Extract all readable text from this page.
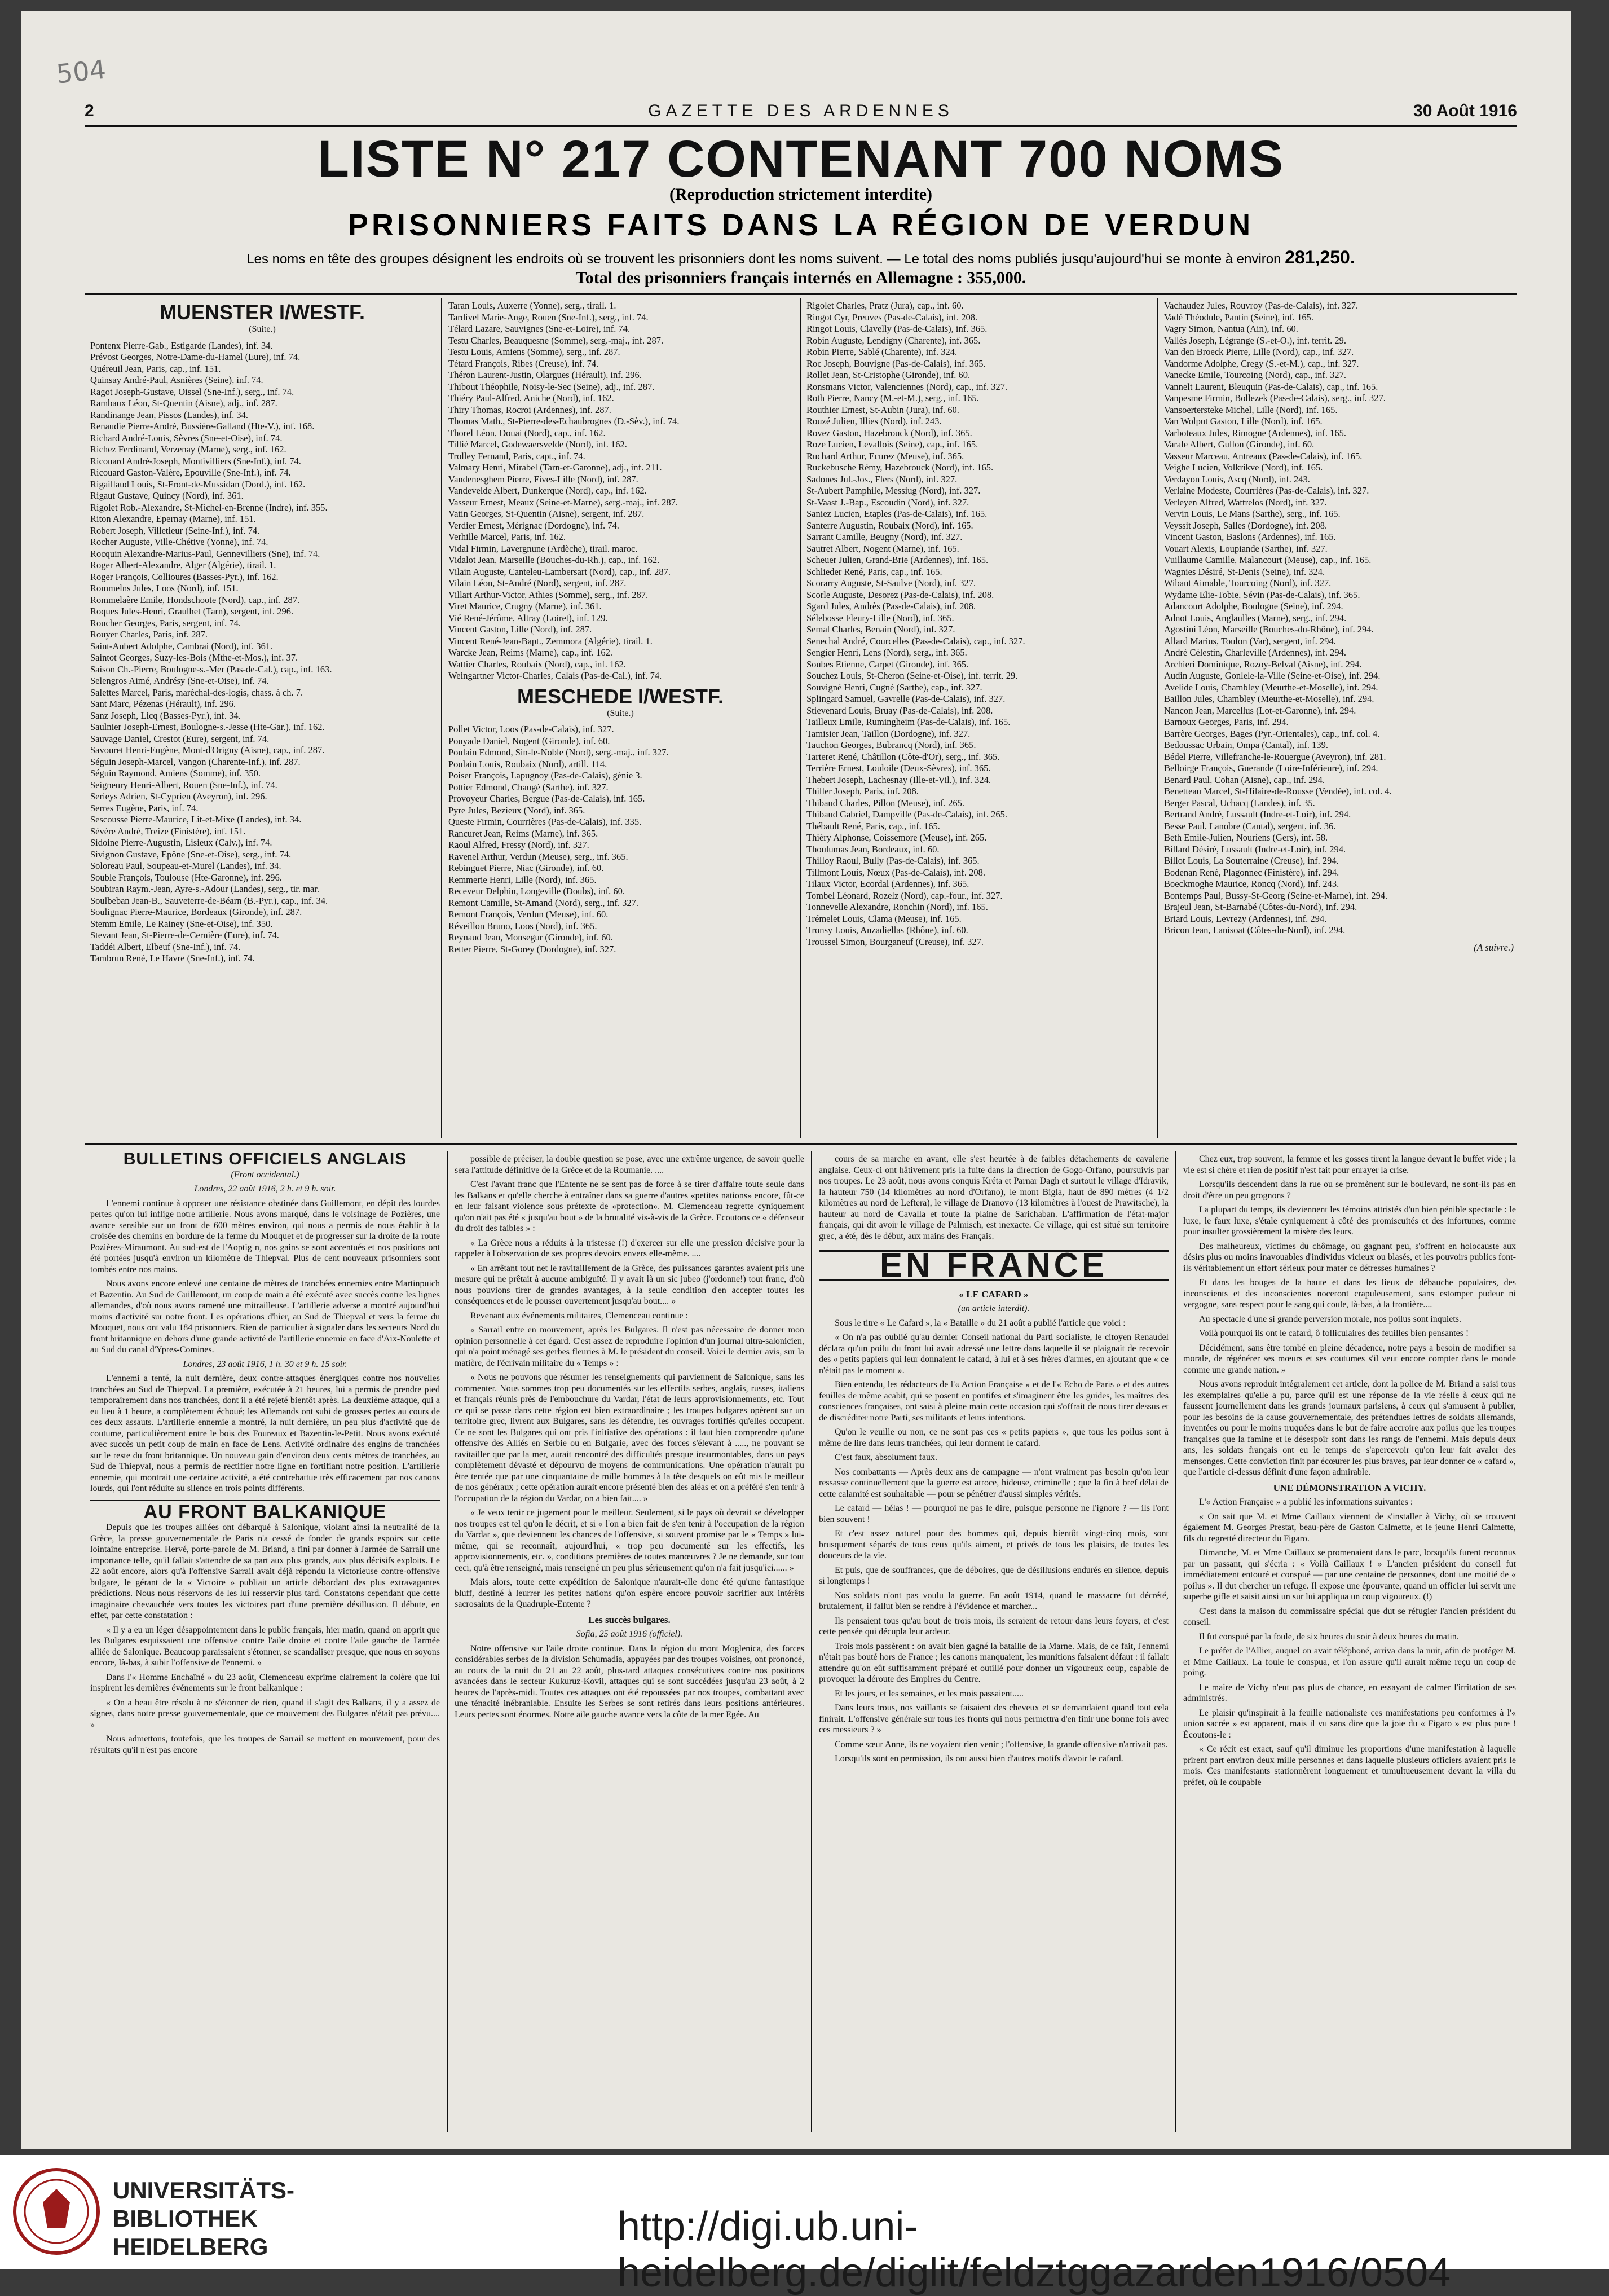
504
2	GAZETTE DES ARDENNES	30 Août 1916
LISTE N° 217 CONTENANT 700 NOMS
(Reproduction strictement interdite)
PRISONNIERS FAITS DANS LA RÉGION DE VERDUN
Les noms en tête des groupes désignent les endroits où se trouvent les prisonniers dont les noms suivent. — Le total des noms publiés jusqu'aujourd'hui se monte à environ 281,250.
Total des prisonniers français internés en Allemagne : 355,000.
MUENSTER I/WESTF.
(Suite.)
Pontenx Pierre-Gab., Estigarde (Landes), inf. 34.
Prévost Georges, Notre-Dame-du-Hamel (Eure), inf. 74.
Quéreuil Jean, Paris, cap., inf. 151.
Quinsay André-Paul, Asnières (Seine), inf. 74.
Ragot Joseph-Gustave, Oissel (Sne-Inf.), serg., inf. 74.
Rambaux Léon, St-Quentin (Aisne), adj., inf. 287.
Randinange Jean, Pissos (Landes), inf. 34.
Renaudie Pierre-André, Bussière-Galland (Hte-V.), inf. 168.
Richard André-Louis, Sèvres (Sne-et-Oise), inf. 74.
Richez Ferdinand, Verzenay (Marne), serg., inf. 162.
Ricouard André-Joseph, Montivilliers (Sne-Inf.), inf. 74.
Ricouard Gaston-Valère, Epouville (Sne-Inf.), inf. 74.
Rigaillaud Louis, St-Front-de-Mussidan (Dord.), inf. 162.
Rigaut Gustave, Quincy (Nord), inf. 361.
Rigolet Rob.-Alexandre, St-Michel-en-Brenne (Indre), inf. 355.
Riton Alexandre, Epernay (Marne), inf. 151.
Robert Joseph, Villetieur (Seine-Inf.), inf. 74.
Rocher Auguste, Ville-Chétive (Yonne), inf. 74.
Rocquin Alexandre-Marius-Paul, Gennevilliers (Sne), inf. 74.
Roger Albert-Alexandre, Alger (Algérie), tirail. 1.
Roger François, Collioures (Basses-Pyr.), inf. 162.
Rommelns Jules, Loos (Nord), inf. 151.
Rommelaère Emile, Hondschoote (Nord), cap., inf. 287.
Roques Jules-Henri, Graulhet (Tarn), sergent, inf. 296.
Roucher Georges, Paris, sergent, inf. 74.
Rouyer Charles, Paris, inf. 287.
Saint-Aubert Adolphe, Cambrai (Nord), inf. 361.
Saintot Georges, Suzy-les-Bois (Mthe-et-Mos.), inf. 37.
Saison Ch.-Pierre, Boulogne-s.-Mer (Pas-de-Cal.), cap., inf. 163.
Selengros Aimé, Andrésy (Sne-et-Oise), inf. 74.
Salettes Marcel, Paris, maréchal-des-logis, chass. à ch. 7.
Sant Marc, Pézenas (Hérault), inf. 296.
Sanz Joseph, Licq (Basses-Pyr.), inf. 34.
Saulnier Joseph-Ernest, Boulogne-s.-Jesse (Hte-Gar.), inf. 162.
Sauvage Daniel, Crestot (Eure), sergent, inf. 74.
Savouret Henri-Eugène, Mont-d'Origny (Aisne), cap., inf. 287.
Séguin Joseph-Marcel, Vangon (Charente-Inf.), inf. 287.
Séguin Raymond, Amiens (Somme), inf. 350.
Seigneury Henri-Albert, Rouen (Sne-Inf.), inf. 74.
Serieys Adrien, St-Cyprien (Aveyron), inf. 296.
Serres Eugène, Paris, inf. 74.
Sescousse Pierre-Maurice, Lit-et-Mixe (Landes), inf. 34.
Sévère André, Treize (Finistère), inf. 151.
Sidoine Pierre-Augustin, Lisieux (Calv.), inf. 74.
Sivignon Gustave, Epône (Sne-et-Oise), serg., inf. 74.
Soloreau Paul, Soupeau-et-Murel (Landes), inf. 34.
Souble François, Toulouse (Hte-Garonne), inf. 296.
Soubiran Raym.-Jean, Ayre-s.-Adour (Landes), serg., tir. mar.
Soulbeban Jean-B., Sauveterre-de-Béarn (B.-Pyr.), cap., inf. 34.
Soulignac Pierre-Maurice, Bordeaux (Gironde), inf. 287.
Stemm Emile, Le Rainey (Sne-et-Oise), inf. 350.
Stevant Jean, St-Pierre-de-Cernière (Eure), inf. 74.
Taddéi Albert, Elbeuf (Sne-Inf.), inf. 74.
Tambrun René, Le Havre (Sne-Inf.), inf. 74.
Taran Louis, Auxerre (Yonne), serg., tirail. 1.
Tardivel Marie-Ange, Rouen (Sne-Inf.), serg., inf. 74.
Télard Lazare, Sauvignes (Sne-et-Loire), inf. 74.
Testu Charles, Beauquesne (Somme), serg.-maj., inf. 287.
Testu Louis, Amiens (Somme), serg., inf. 287.
Tétard François, Ribes (Creuse), inf. 74.
Théron Laurent-Justin, Olargues (Hérault), inf. 296.
Thibout Théophile, Noisy-le-Sec (Seine), adj., inf. 287.
Thiéry Paul-Alfred, Aniche (Nord), inf. 162.
Thiry Thomas, Rocroi (Ardennes), inf. 287.
Thomas Math., St-Pierre-des-Echaubrognes (D.-Sèv.), inf. 74.
Thorel Léon, Douai (Nord), cap., inf. 162.
Tillié Marcel, Godewaersvelde (Nord), inf. 162.
Trolley Fernand, Paris, capt., inf. 74.
Valmary Henri, Mirabel (Tarn-et-Garonne), adj., inf. 211.
Vandenesghem Pierre, Fives-Lille (Nord), inf. 287.
Vandevelde Albert, Dunkerque (Nord), cap., inf. 162.
Vasseur Ernest, Meaux (Seine-et-Marne), serg.-maj., inf. 287.
Vatin Georges, St-Quentin (Aisne), sergent, inf. 287.
Verdier Ernest, Mérignac (Dordogne), inf. 74.
Verhille Marcel, Paris, inf. 162.
Vidal Firmin, Lavergnune (Ardèche), tirail. maroc.
Vidalot Jean, Marseille (Bouches-du-Rh.), cap., inf. 162.
Vilain Auguste, Canteleu-Lambersart (Nord), cap., inf. 287.
Vilain Léon, St-André (Nord), sergent, inf. 287.
Villart Arthur-Victor, Athies (Somme), serg., inf. 287.
Viret Maurice, Crugny (Marne), inf. 361.
Vié René-Jérôme, Altray (Loiret), inf. 129.
Vincent Gaston, Lille (Nord), inf. 287.
Vincent René-Jean-Bapt., Zemmora (Algérie), tirail. 1.
Warcke Jean, Reims (Marne), cap., inf. 162.
Wattier Charles, Roubaix (Nord), cap., inf. 162.
Weingartner Victor-Charles, Calais (Pas-de-Cal.), inf. 74.
MESCHEDE I/WESTF.
(Suite.)
Pollet Victor, Loos (Pas-de-Calais), inf. 327.
Pouyade Daniel, Nogent (Gironde), inf. 60.
Poulain Edmond, Sin-le-Noble (Nord), serg.-maj., inf. 327.
Poulain Louis, Roubaix (Nord), artill. 114.
Poiser François, Lapugnoy (Pas-de-Calais), génie 3.
Pottier Edmond, Chaugé (Sarthe), inf. 327.
Provoyeur Charles, Bergue (Pas-de-Calais), inf. 165.
Pyre Jules, Bezieux (Nord), inf. 365.
Queste Firmin, Courrières (Pas-de-Calais), inf. 335.
Rancuret Jean, Reims (Marne), inf. 365.
Raoul Alfred, Fressy (Nord), inf. 327.
Ravenel Arthur, Verdun (Meuse), serg., inf. 365.
Rebinguet Pierre, Niac (Gironde), inf. 60.
Remmerie Henri, Lille (Nord), inf. 365.
Receveur Delphin, Longeville (Doubs), inf. 60.
Remont Camille, St-Amand (Nord), serg., inf. 327.
Remont François, Verdun (Meuse), inf. 60.
Réveillon Bruno, Loos (Nord), inf. 365.
Reynaud Jean, Monsegur (Gironde), inf. 60.
Retter Pierre, St-Gorey (Dordogne), inf. 327.
Rigolet Charles, Pratz (Jura), cap., inf. 60.
Ringot Cyr, Preuves (Pas-de-Calais), inf. 208.
Ringot Louis, Clavelly (Pas-de-Calais), inf. 365.
Robin Auguste, Lendigny (Charente), inf. 365.
Robin Pierre, Sablé (Charente), inf. 324.
Roc Joseph, Bouvigne (Pas-de-Calais), inf. 365.
Rollet Jean, St-Cristophe (Gironde), inf. 60.
Ronsmans Victor, Valenciennes (Nord), cap., inf. 327.
Roth Pierre, Nancy (M.-et-M.), serg., inf. 165.
Routhier Ernest, St-Aubin (Jura), inf. 60.
Rouzé Julien, Illies (Nord), inf. 243.
Rovez Gaston, Hazebrouck (Nord), inf. 365.
Roze Lucien, Levallois (Seine), cap., inf. 165.
Ruchard Arthur, Ecurez (Meuse), inf. 365.
Ruckebusche Rémy, Hazebrouck (Nord), inf. 165.
Sadones Jul.-Jos., Flers (Nord), inf. 327.
St-Aubert Pamphile, Messiug (Nord), inf. 327.
St-Vaast J.-Bap., Escoudin (Nord), inf. 327.
Saniez Lucien, Etaples (Pas-de-Calais), inf. 165.
Santerre Augustin, Roubaix (Nord), inf. 165.
Sarrant Camille, Beugny (Nord), inf. 327.
Sautret Albert, Nogent (Marne), inf. 165.
Scheuer Julien, Grand-Brie (Ardennes), inf. 165.
Schlieder René, Paris, cap., inf. 165.
Scorarry Auguste, St-Saulve (Nord), inf. 327.
Scorle Auguste, Desorez (Pas-de-Calais), inf. 208.
Sgard Jules, Andrès (Pas-de-Calais), inf. 208.
Sélebosse Fleury-Lille (Nord), inf. 365.
Semal Charles, Benain (Nord), inf. 327.
Senechal André, Courcelles (Pas-de-Calais), cap., inf. 327.
Sengier Henri, Lens (Nord), serg., inf. 365.
Soubes Etienne, Carpet (Gironde), inf. 365.
Souchez Louis, St-Cheron (Seine-et-Oise), inf. territ. 29.
Souvigné Henri, Cugné (Sarthe), cap., inf. 327.
Splingard Samuel, Gavrelle (Pas-de-Calais), inf. 327.
Stievenard Louis, Bruay (Pas-de-Calais), inf. 208.
Tailleux Emile, Rumingheim (Pas-de-Calais), inf. 165.
Tamisier Jean, Taillon (Dordogne), inf. 327.
Tauchon Georges, Bubrancq (Nord), inf. 365.
Tarteret René, Châtillon (Côte-d'Or), serg., inf. 365.
Terrière Ernest, Louloile (Deux-Sèvres), inf. 365.
Thebert Joseph, Lachesnay (Ille-et-Vil.), inf. 324.
Thiller Joseph, Paris, inf. 208.
Thibaud Charles, Pillon (Meuse), inf. 265.
Thibaud Gabriel, Dampville (Pas-de-Calais), inf. 265.
Thébault René, Paris, cap., inf. 165.
Thiéry Alphonse, Coissemore (Meuse), inf. 265.
Thoulumas Jean, Bordeaux, inf. 60.
Thilloy Raoul, Bully (Pas-de-Calais), inf. 365.
Tillmont Louis, Nœux (Pas-de-Calais), inf. 208.
Tilaux Victor, Ecordal (Ardennes), inf. 365.
Tombel Léonard, Rozelz (Nord), cap.-four., inf. 327.
Tonnevelle Alexandre, Ronchin (Nord), inf. 165.
Trémelet Louis, Clama (Meuse), inf. 165.
Tronsy Louis, Anzadiellas (Rhône), inf. 60.
Troussel Simon, Bourganeuf (Creuse), inf. 327.
Vachaudez Jules, Rouvroy (Pas-de-Calais), inf. 327.
Vadé Théodule, Pantin (Seine), inf. 165.
Vagry Simon, Nantua (Ain), inf. 60.
Vallès Joseph, Légrange (S.-et-O.), inf. territ. 29.
Van den Broeck Pierre, Lille (Nord), cap., inf. 327.
Vandorme Adolphe, Cregy (S.-et-M.), cap., inf. 327.
Vanecke Emile, Tourcoing (Nord), cap., inf. 327.
Vannelt Laurent, Bleuquin (Pas-de-Calais), cap., inf. 165.
Vanpesme Firmin, Bollezek (Pas-de-Calais), serg., inf. 327.
Vansoertersteke Michel, Lille (Nord), inf. 165.
Van Wolput Gaston, Lille (Nord), inf. 165.
Varboteaux Jules, Rimogne (Ardennes), inf. 165.
Varale Albert, Gullon (Gironde), inf. 60.
Vasseur Marceau, Antreaux (Pas-de-Calais), inf. 165.
Veighe Lucien, Volkrikve (Nord), inf. 165.
Verdayon Louis, Ascq (Nord), inf. 243.
Verlaine Modeste, Courrières (Pas-de-Calais), inf. 327.
Verleyen Alfred, Wattrelos (Nord), inf. 327.
Vervin Louis, Le Mans (Sarthe), serg., inf. 165.
Veyssit Joseph, Salles (Dordogne), inf. 208.
Vincent Gaston, Baslons (Ardennes), inf. 165.
Vouart Alexis, Loupiande (Sarthe), inf. 327.
Vuillaume Camille, Malancourt (Meuse), cap., inf. 165.
Wagnies Désiré, St-Denis (Seine), inf. 324.
Wibaut Aimable, Tourcoing (Nord), inf. 327.
Wydame Elie-Tobie, Sévin (Pas-de-Calais), inf. 365.
Adancourt Adolphe, Boulogne (Seine), inf. 294.
Adnot Louis, Anglaulles (Marne), serg., inf. 294.
Agostini Léon, Marseille (Bouches-du-Rhône), inf. 294.
Allard Marius, Toulon (Var), sergent, inf. 294.
André Célestin, Charleville (Ardennes), inf. 294.
Archieri Dominique, Rozoy-Belval (Aisne), inf. 294.
Audin Auguste, Gonlele-la-Ville (Seine-et-Oise), inf. 294.
Avelide Louis, Chambley (Meurthe-et-Moselle), inf. 294.
Baillon Jules, Chambley (Meurthe-et-Moselle), inf. 294.
Nancon Jean, Marcellus (Lot-et-Garonne), inf. 294.
Barnoux Georges, Paris, inf. 294.
Barrère Georges, Bages (Pyr.-Orientales), cap., inf. col. 4.
Bedoussac Urbain, Ompa (Cantal), inf. 139.
Bédel Pierre, Villefranche-le-Rouergue (Aveyron), inf. 281.
Belloirge François, Guerande (Loire-Inférieure), inf. 294.
Benard Paul, Cohan (Aisne), cap., inf. 294.
Benetteau Marcel, St-Hilaire-de-Rousse (Vendée), inf. col. 4.
Berger Pascal, Uchacq (Landes), inf. 35.
Bertrand André, Lussault (Indre-et-Loir), inf. 294.
Besse Paul, Lanobre (Cantal), sergent, inf. 36.
Beth Emile-Julien, Nouriens (Gers), inf. 58.
Billard Désiré, Lussault (Indre-et-Loir), inf. 294.
Billot Louis, La Souterraine (Creuse), inf. 294.
Bodenan René, Plagonnec (Finistère), inf. 294.
Boeckmoghe Maurice, Roncq (Nord), inf. 243.
Bontemps Paul, Bussy-St-Georg (Seine-et-Marne), inf. 294.
Brajeul Jean, St-Barnabé (Côtes-du-Nord), inf. 294.
Briard Louis, Levrezy (Ardennes), inf. 294.
Bricon Jean, Lanisoat (Côtes-du-Nord), inf. 294.
(A suivre.)
BULLETINS OFFICIELS ANGLAIS

(Front occidental.)

Londres, 22 août 1916, 2 h. et 9 h. soir.

L'ennemi continue à opposer une résistance obstinée dans Guillemont, en dépit des lourdes pertes qu'on lui inflige notre artillerie. Nous avons marqué, dans le voisinage de Pozières, une avance sensible sur un front de 600 mètres environ, qui nous a permis de nous établir à la croisée des chemins en bordure de la ferme du Mouquet et de progresser sur la droite de la route Pozières-Miraumont. Au sud-est de l'Aoptig n, nos gains se sont accentués et nos positions ont été portées jusqu'à environ un kilomètre de Thiepval. Plus de cent nouveaux prisonniers sont tombés entre nos mains.

Nous avons encore enlevé une centaine de mètres de tranchées ennemies entre Martinpuich et Bazentin. Au Sud de Guillemont, un coup de main a été exécuté avec succès contre les lignes allemandes, d'où nous avons ramené une mitrailleuse. L'artillerie adverse a montré aujourd'hui moins d'activité sur notre front. Les opérations d'hier, au Sud de Thiepval et vers la ferme du Mouquet, nous ont valu 184 prisonniers. Rien de particulier à signaler dans les secteurs Nord du front britannique en dehors d'une grande activité de l'artillerie ennemie en face d'Aix-Noulette et au Sud du canal d'Ypres-Comines.

Londres, 23 août 1916, 1 h. 30 et 9 h. 15 soir.

L'ennemi a tenté, la nuit dernière, deux contre-attaques énergiques contre nos nouvelles tranchées au Sud de Thiepval. La première, exécutée à 21 heures, lui a permis de prendre pied temporairement dans nos tranchées, dont il a été rejeté bientôt après. La deuxième attaque, qui a eu lieu à 1 heure, a complètement échoué; les Allemands ont subi de grosses pertes au cours de ces deux assauts. L'artillerie ennemie a montré, la nuit dernière, un peu plus d'activité que de coutume, particulièrement entre le bois des Foureaux et Bazentin-le-Petit. Nous avons exécuté avec succès un petit coup de main en face de Lens. Activité ordinaire des engins de tranchées sur le reste du front britannique. Un nouveau gain d'environ deux cents mètres de tranchées, au Sud de Thiepval, nous a permis de rectifier notre ligne en fortifiant notre position. L'artillerie ennemie, qui montrait une certaine activité, a été contrebattue très efficacement par nos canons lourds, qui l'ont réduite au silence en trois points différents.

AU FRONT BALKANIQUE

Depuis que les troupes alliées ont débarqué à Salonique, violant ainsi la neutralité de la Grèce, la presse gouvernementale de Paris n'a cessé de fonder de grands espoirs sur cette lointaine entreprise. Hervé, porte-parole de M. Briand, a fini par donner à l'armée de Sarrail une importance telle, qu'il fallait s'attendre de sa part aux plus grands, aux plus décisifs exploits. Le 22 août encore, alors qu'à l'offensive Sarrail avait déjà répondu la victorieuse contre-offensive bulgare, le gérant de la « Victoire » publiait un article débordant des plus extravagantes prédictions. Nous nous réservons de les lui resservir plus tard. Constatons cependant que cette imaginaire chevauchée vers toutes les victoires part d'une première désillusion. Il débute, en effet, par cette constatation :

« Il y a eu un léger désappointement dans le public français, hier matin, quand on apprit que les Bulgares esquissaient une offensive contre l'aile droite et contre l'aile gauche de l'armée alliée de Salonique. Beaucoup paraissaient s'étonner, se scandaliser presque, que nous en soyons encore, là-bas, à subir l'offensive de l'ennemi. »

Dans l'« Homme Enchaîné » du 23 août, Clemenceau exprime clairement la colère que lui inspirent les dernières événements sur le front balkanique :

« On a beau être résolu à ne s'étonner de rien, quand il s'agit des Balkans, il y a assez de signes, dans notre presse gouvernementale, que ce mouvement des Bulgares n'était pas prévu.... »

Nous admettons, toutefois, que les troupes de Sarrail se mettent en mouvement, pour des résultats qu'il n'est pas encore

possible de préciser, la double question se pose, avec une extrême urgence, de savoir quelle sera l'attitude définitive de la Grèce et de la Roumanie. ....

C'est l'avant franc que l'Entente ne se sent pas de force à se tirer d'affaire toute seule dans les Balkans et qu'elle cherche à entraîner dans sa guerre d'autres «petites nations» encore, fût-ce en leur faisant violence sous prétexte de «protection». M. Clemenceau regrette cyniquement qu'on n'ait pas été « jusqu'au bout » de la brutalité vis-à-vis de la Grèce. Ecoutons ce « défenseur du droit des faibles » :

« La Grèce nous a réduits à la tristesse (!) d'exercer sur elle une pression décisive pour la rappeler à l'observation de ses propres devoirs envers elle-même. ....

« En arrêtant tout net le ravitaillement de la Grèce, des puissances garantes avaient pris une mesure qui ne prêtait à aucune ambiguïté. Il y avait là un sic jubeo (j'ordonne!) tout franc, d'où nous pouvions tirer de grandes avantages, à la seule condition d'en accepter toutes les conséquences et de le pousser ouvertement jusqu'au bout.... »

Revenant aux événements militaires, Clemenceau continue :

« Sarrail entre en mouvement, après les Bulgares. Il n'est pas nécessaire de donner mon opinion personnelle à cet égard. C'est assez de reproduire l'opinion d'un journal ultra-salonicien, qui n'a point ménagé ses gerbes fleuries à M. le président du conseil. Voici le dernier avis, sur la matière, de l'écrivain militaire du « Temps » :

« Nous ne pouvons que résumer les renseignements qui parviennent de Salonique, sans les commenter. Nous sommes trop peu documentés sur les effectifs serbes, anglais, russes, italiens et français réunis près de l'embouchure du Vardar, l'état de leurs approvisionnements, etc. Tout ce qui se passe dans cette région est bien extraordinaire ; les troupes bulgares opèrent sur un territoire grec, livrent aux Bulgares, sans les défendre, les ouvrages fortifiés qu'elles occupent. Ce ne sont les Bulgares qui ont pris l'initiative des opérations : il faut bien comprendre qu'une offensive des Alliés en Serbie ou en Bulgarie, avec des forces s'élevant à ....., ne pouvant se ravitailler que par la mer, aurait rencontré des difficultés presque insurmontables, dans un pays complètement dévasté et dépourvu de moyens de communications. Une opération n'aurait pu être tentée que par une cinquantaine de mille hommes à la tête desquels on eût mis le meilleur de nos généraux ; cette opération aurait encore présenté bien des aléas et on a préféré s'en tenir à l'occupation de la région du Vardar, on a bien fait.... »

« Je veux tenir ce jugement pour le meilleur. Seulement, si le pays où devrait se développer nos troupes est tel qu'on le décrit, et si « l'on a bien fait de s'en tenir à l'occupation de la région du Vardar », que deviennent les chances de l'offensive, si souvent promise par le « Temps » lui-même, qui se reconnaît, aujourd'hui, « trop peu documenté sur les effectifs, les approvisionnements, etc. », conditions premières de toutes manœuvres ? Je ne demande, sur tout ceci, qu'à être renseigné, mais renseigné un peu plus sérieusement qu'on n'a fait jusqu'ici...... »

Mais alors, toute cette expédition de Salonique n'aurait-elle donc été qu'une fantastique bluff, destiné à leurrer les petites nations qu'on espère encore pouvoir sacrifier aux intérêts sacrosaints de la Quadruple-Entente ?

Les succès bulgares.

Sofia, 25 août 1916 (officiel).

Notre offensive sur l'aile droite continue. Dans la région du mont Moglenica, des forces considérables serbes de la division Schumadia, appuyées par des troupes voisines, ont prononcé, au cours de la nuit du 21 au 22 août, plus-tard attaques consécutives contre nos positions avancées dans le secteur Kukuruz-Kovil, attaques qui se sont succédées jusqu'au 23 août, à 2 heures de l'après-midi. Toutes ces attaques ont été repoussées par nos troupes, combattant avec une ténacité inébranlable. Ensuite les Serbes se sont retirés dans leurs positions antérieures. Leurs pertes sont énormes. Notre aile gauche avance vers la côte de la mer Egée. Au

cours de sa marche en avant, elle s'est heurtée à de faibles détachements de cavalerie anglaise. Ceux-ci ont hâtivement pris la fuite dans la direction de Gogo-Orfano, poursuivis par nos troupes. Le 23 août, nous avons conquis Kréta et Parnar Dagh et surtout le village d'Idravik, la hauteur 750 (14 kilomètres au nord d'Orfano), le mont Bigla, haut de 890 mètres (4 1/2 kilomètres au nord de Leftera), le village de Dranovo (13 kilomètres à l'ouest de Prawitsche), la hauteur au nord de Cavalla et toute la plaine de Sarichaban. L'affirmation de l'état-major français, qui dit avoir le village de Palmisch, est inexacte. Ce village, qui est situé sur territoire grec, a été, dès le début, aux mains des Français.

EN FRANCE
« LE CAFARD »

(un article interdit).

Sous le titre « Le Cafard », la « Bataille » du 21 août a publié l'article que voici :

« On n'a pas oublié qu'au dernier Conseil national du Parti socialiste, le citoyen Renaudel déclara qu'un poilu du front lui avait adressé une lettre dans laquelle il se plaignait de recevoir des « petits papiers qui leur donnaient le cafard, à lui et à ses frères d'armes, en ajoutant que « ce n'était pas le moment ».

Bien entendu, les rédacteurs de l'« Action Française » et de l'« Echo de Paris » et des autres feuilles de même acabit, qui se posent en pontifes et s'imaginent être les guides, les maîtres des consciences françaises, ont saisi à pleine main cette occasion qui s'offrait de nous tirer dessus et de discréditer notre Parti, ses militants et leurs intentions.

Qu'on le veuille ou non, ce ne sont pas ces « petits papiers », que tous les poilus sont à même de lire dans leurs tranchées, qui leur donnent le cafard.

C'est faux, absolument faux.

Nos combattants — Après deux ans de campagne — n'ont vraiment pas besoin qu'on leur ressasse continuellement que la guerre est atroce, hideuse, criminelle ; que la fin à bref délai de cette calamité est souhaitable — pour se pénétrer d'aussi simples vérités.

Le cafard — hélas ! — pourquoi ne pas le dire, puisque personne ne l'ignore ? — ils l'ont bien souvent !

Et c'est assez naturel pour des hommes qui, depuis bientôt vingt-cinq mois, sont brusquement séparés de tous ceux qu'ils aiment, et privés de tous les plaisirs, de toutes les douceurs de la vie.

Et puis, que de souffrances, que de déboires, que de désillusions endurés en silence, depuis si longtemps !

Nos soldats n'ont pas voulu la guerre. En août 1914, quand le massacre fut décrété, brutalement, il fallut bien se rendre à l'évidence et marcher...

Ils pensaient tous qu'au bout de trois mois, ils seraient de retour dans leurs foyers, et c'est cette pensée qui décupla leur ardeur.

Trois mois passèrent : on avait bien gagné la bataille de la Marne. Mais, de ce fait, l'ennemi n'était pas bouté hors de France ; les canons manquaient, les munitions faisaient défaut : il fallait attendre qu'on eût suffisamment préparé et outillé pour donner un vigoureux coup, capable de provoquer la déroute des Empires du Centre.

Et les jours, et les semaines, et les mois passaient.....

Dans leurs trous, nos vaillants se faisaient des cheveux et se demandaient quand tout cela finirait. L'offensive générale sur tous les fronts qui nous permettra d'en finir une bonne fois avec ces messieurs ? »

Comme sœur Anne, ils ne voyaient rien venir ; l'offensive, la grande offensive n'arrivait pas.

Lorsqu'ils sont en permission, ils ont aussi bien d'autres motifs d'avoir le cafard.

Chez eux, trop souvent, la femme et les gosses tirent la langue devant le buffet vide ; la vie est si chère et rien de positif n'est fait pour enrayer la crise.

Lorsqu'ils descendent dans la rue ou se promènent sur le boulevard, ne sont-ils pas en droit d'être un peu grognons ?

La plupart du temps, ils deviennent les témoins attristés d'un bien pénible spectacle : le luxe, le faux luxe, s'étale cyniquement à côté des promiscuités et des infortunes, comme pour insulter grossièrement la misère des leurs.

Des malheureux, victimes du chômage, ou gagnant peu, s'offrent en holocauste aux désirs plus ou moins inavouables d'individus vicieux ou blasés, et les pouvoirs publics font-ils véritablement un effort sérieux pour mater ce détresses humaines ?

Et dans les bouges de la haute et dans les lieux de débauche populaires, des inconscients et des inconscientes noceront crapuleusement, sans estomper pudeur ni vergogne, sans respect pour le sang qui coule, là-bas, à la frontière....

Au spectacle d'une si grande perversion morale, nos poilus sont inquiets.

Voilà pourquoi ils ont le cafard, ô folliculaires des feuilles bien pensantes !

Décidément, sans être tombé en pleine décadence, notre pays a besoin de modifier sa morale, de régénérer ses mœurs et ses coutumes s'il veut encore compter dans le monde comme une grande nation. »

Nous avons reproduit intégralement cet article, dont la police de M. Briand a saisi tous les exemplaires qu'elle a pu, parce qu'il est une réponse de la vie réelle à ceux qui ne faussent journellement dans les grands journaux parisiens, à ceux qui s'amusent à publier, pour les besoins de la cause gouvernementale, des prétendues lettres de soldats allemands, inventées ou pour le moins truquées dans le but de faire accroire aux poilus que les troupes françaises que la famine et le désespoir sont dans les rangs de l'ennemi. Mais depuis deux ans, les soldats français ont eu le temps de s'apercevoir qu'on leur fait avaler des mensonges. Cette conviction finit par écœurer les plus braves, par leur donner ce « cafard », que l'article ci-dessus définit d'une façon admirable.

UNE DÉMONSTRATION A VICHY.

L'« Action Française » a publié les informations suivantes :

« On sait que M. et Mme Caillaux viennent de s'installer à Vichy, où se trouvent également M. Georges Prestat, beau-père de Gaston Calmette, et le jeune Henri Calmette, fils du regretté directeur du Figaro.

Dimanche, M. et Mme Caillaux se promenaient dans le parc, lorsqu'ils furent reconnus par un passant, qui s'écria : « Voilà Caillaux ! » L'ancien président du conseil fut immédiatement entouré et conspué — par une centaine de personnes, dont une moitié de « poilus ». Il dut chercher un refuge. Il expose une épouvante, quand un officier lui servit une superbe gifle et saisit ainsi un sur lui appliqua un coup vigoureux. (!)

C'est dans la maison du commissaire spécial que dut se réfugier l'ancien président du conseil.

Il fut conspué par la foule, de six heures du soir à deux heures du matin.

Le préfet de l'Allier, auquel on avait téléphoné, arriva dans la nuit, afin de protéger M. et Mme Caillaux. La foule le conspua, et l'on assure qu'il aurait même reçu un coup de poing.

Le maire de Vichy n'eut pas plus de chance, en essayant de calmer l'irritation de ses administrés.

Le plaisir qu'inspirait à la feuille nationaliste ces manifestations peu conformes à l'« union sacrée » est apparent, mais il vu sans dire que la joie du « Figaro » est plus pure ! Écoutons-le :

« Ce récit est exact, sauf qu'il diminue les proportions d'une manifestation à laquelle prirent part environ deux mille personnes et dans laquelle plusieurs officiers avaient pris le mois. Ces manifestants stationnèrent longuement et tumultueusement devant la villa du préfet, où le coupable

UNIVERSITÄTS-
BIBLIOTHEK
HEIDELBERG	http://digi.ub.uni-heidelberg.de/diglit/feldztggazarden1916/0504
